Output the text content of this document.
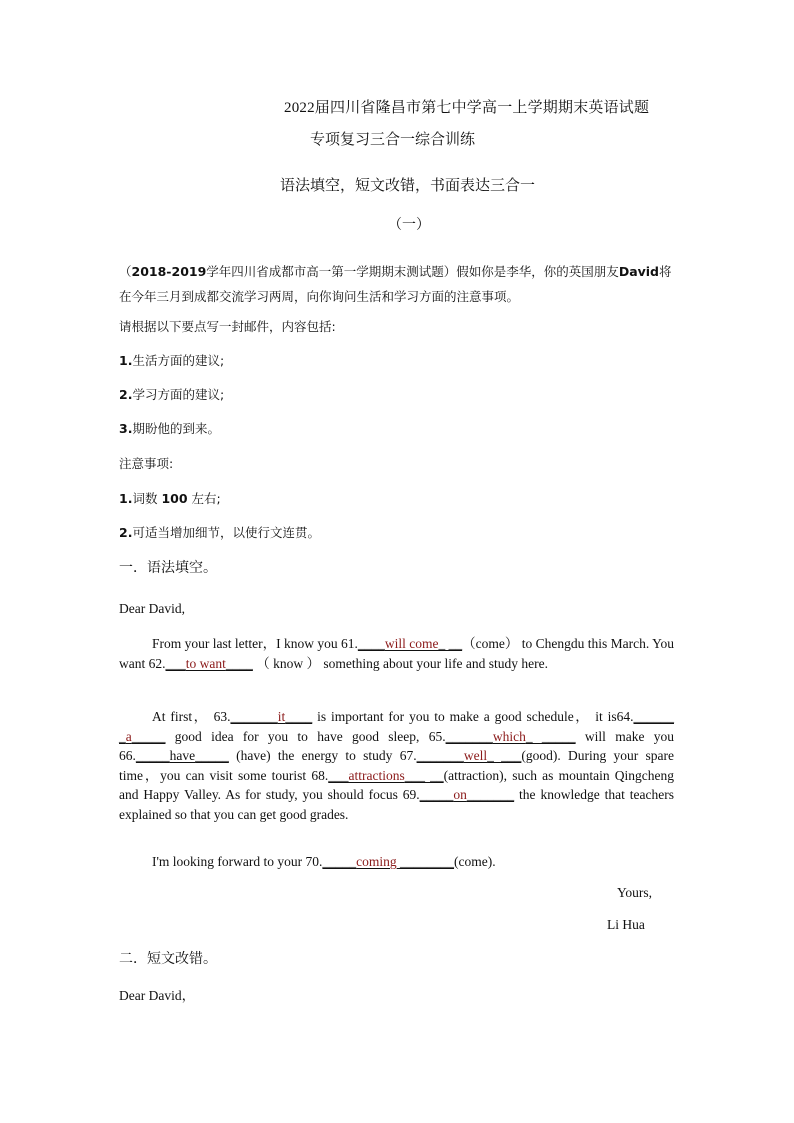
2022届四川省隆昌市第七中学高一上学期期末英语试题
专项复习三合一综合训练
语法填空，短文改错，书面表达三合一
（一）
（2018-2019学年四川省成都市高一第一学期期末测试题）假如你是李华，你的英国朋友David将在今年三月到成都交流学习两周，向你询问生活和学习方面的注意事项。
请根据以下要点写一封邮件，内容包括:
1.生活方面的建议;
2.学习方面的建议;
3.期盼他的到来。
注意事项:
1.词数 100 左右;
2.可适当增加细节，以使行文连贯。
一．语法填空。
Dear David,
From your last letter，I know you 61.____will come_ __（come） to Chengdu this March. You want 62.___to want____ （ know ） something about your life and study here.
At first， 63._______it____ is important for you to make a good schedule， it is64.______ _a_____ good idea for you to have good sleep, 65._______which_ _____ will make you 66._____have_____ (have) the energy to study 67._______well_ ___(good). During your spare time，you can visit some tourist 68.___attractions___ __(attraction), such as mountain Qingcheng and Happy Valley. As for study, you should focus 69._____on_______ the knowledge that teachers explained so that you can get good grades.
I'm looking forward to your 70._____coming ________(come).
Yours,
Li Hua
二．短文改错。
Dear David，
